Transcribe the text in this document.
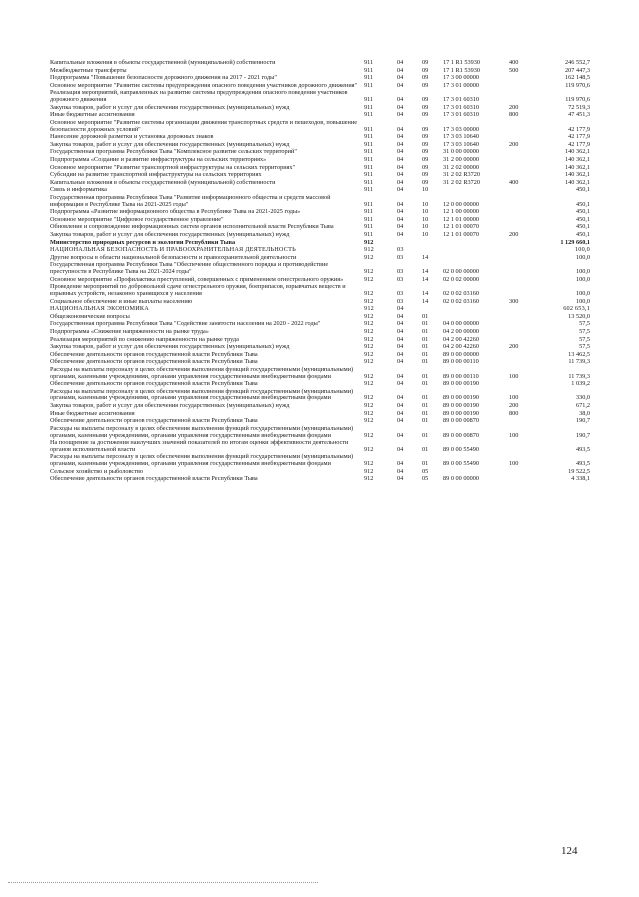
Капитальные вложения в объекты государственной (муниципальной) собственности	911	04	09	17 1 R1 53930	400	246 552,7
Межбюджетные трансферты	911	04	09	17 1 R1 53930	500	207 447,3
Подпрограмма "Повышение безопасности дорожного движения на 2017 - 2021 годы"	911	04	09	17 3 00 00000	162 148,5
Основное мероприятие "Развитие системы предупреждения опасного поведения участников дорожного движения"	911	04	09	17 3 01 00000	119 970,6
Реализация мероприятий, направленных на развитие системы предупреждения опасного поведения участников дорожного движения	911	04	09	17 3 01 60310	119 970,6
Закупка товаров, работ и услуг для обеспечения государственных (муниципальных) нужд	911	04	09	17 3 01 60310	200	72 519,3
Иные бюджетные ассигнования	911	04	09	17 3 01 60310	800	47 451,3
Основное мероприятие "Развитие системы организации движения транспортных средств и пешеходов, повышение безопасности дорожных условий"	911	04	09	17 3 03 00000	42 177,9
Нанесение дорожной разметки и установка дорожных знаков	911	04	09	17 3 03 10640	42 177,9
Закупка товаров, работ и услуг для обеспечения государственных (муниципальных) нужд	911	04	09	17 3 03 10640	200	42 177,9
Государственная программа Республики Тыва "Комплексное развитие сельских территорий"	911	04	09	31 0 00 00000	140 362,1
Подпрограмма «Создание и развитие инфраструктуры на сельских территориях»	911	04	09	31 2 00 00000	140 362,1
Основное мероприятие "Развитие транспортной инфраструктуры на сельских территориях"	911	04	09	31 2 02 00000	140 362,1
Субсидии на развитие транспортной инфраструктуры на сельских территориях	911	04	09	31 2 02 R3720	140 362,1
Капитальные вложения в объекты государственной (муниципальной) собственности	911	04	09	31 2 02 R3720	400	140 362,1
Связь и информатика	911	04	10	450,1
Государственная программа Республики Тыва "Развитие информационного общества и средств массовой информации в Республике Тыва на 2021-2025 годы"	911	04	10	12 0 00 00000	450,1
Подпрограмма «Развитие информационного общества в Республике Тыва на 2021-2025 годы»	911	04	10	12 1 00 00000	450,1
Основное мероприятие "Цифровое государственное управление"	911	04	10	12 1 01 00000	450,1
Обновление и сопровождение информационных систем органов исполнительной власти Республики Тыва	911	04	10	12 1 01 00070	450,1
Закупка товаров, работ и услуг для обеспечения государственных (муниципальных) нужд	911	04	10	12 1 01 00070	200	450,1
Министерство природных ресурсов и экологии Республики Тыва	912	1 129 660,1
НАЦИОНАЛЬНАЯ БЕЗОПАСНОСТЬ И ПРАВООХРАНИТЕЛЬНАЯ ДЕЯТЕЛЬНОСТЬ	912	03	100,0
Другие вопросы в области национальной безопасности и правоохранительной деятельности	912	03	14	100,0
Государственная программа Республики Тыва "Обеспечение общественного порядка и противодействие преступности в Республике Тыва на 2021-2024 годы"	912	03	14	02 0 00 00000	100,0
Основное мероприятие «Профилактика преступлений, совершенных с применением огнестрельного оружия»	912	03	14	02 0 02 00000	100,0
Проведение мероприятий по добровольной сдаче огнестрельного оружия, боеприпасов, взрывчатых веществ и взрывных устройств, незаконно хранящихся у населения	912	03	14	02 0 02 03160	100,0
Социальное обеспечение и иные выплаты населению	912	03	14	02 0 02 03160	300	100,0
НАЦИОНАЛЬНАЯ ЭКОНОМИКА	912	04	602 653,1
Общеэкономические вопросы	912	04	01	13 520,0
Государственная программа Республики Тыва "Содействие занятости населения на 2020 - 2022 годы"	912	04	01	04 0 00 00000	57,5
Подпрограмма «Снижение напряженности на рынке труда»	912	04	01	04 2 00 00000	57,5
Реализация мероприятий по снижению напряженности на рынке труда	912	04	01	04 2 00 42260	57,5
Закупка товаров, работ и услуг для обеспечения государственных (муниципальных) нужд	912	04	01	04 2 00 42260	200	57,5
Обеспечение деятельности органов государственной власти Республики Тыва	912	04	01	89 0 00 00000	13 462,5
Обеспечение деятельности органов государственной власти Республики Тыва	912	04	01	89 0 00 00110	11 739,3
Расходы на выплаты персоналу в целях обеспечения выполнения функций государственными (муниципальными) органами, казенными учреждениями, органами управления государственными внебюджетными фондами	912	04	01	89 0 00 00110	100	11 739,3
Обеспечение деятельности органов государственной власти Республики Тыва	912	04	01	89 0 00 00190	1 039,2
Расходы на выплаты персоналу в целях обеспечения выполнения функций государственными (муниципальными) органами, казенными учреждениями, органами управления государственными внебюджетными фондами	912	04	01	89 0 00 00190	100	330,0
Закупка товаров, работ и услуг для обеспечения государственных (муниципальных) нужд	912	04	01	89 0 00 00190	200	671,2
Иные бюджетные ассигнования	912	04	01	89 0 00 00190	800	38,0
Обеспечение деятельности органов государственной власти Республики Тыва	912	04	01	89 0 00 00870	190,7
Расходы на выплаты персоналу в целях обеспечения выполнения функций государственными (муниципальными) органами, казенными учреждениями, органами управления государственными внебюджетными фондами	912	04	01	89 0 00 00870	100	190,7
На поощрение за достижения наилучших значений показателей по итогам оценки эффективности деятельности органов исполнительной власти	912	04	01	89 0 00 55490	493,5
Расходы на выплаты персоналу в целях обеспечения выполнения функций государственными (муниципальными) органами, казенными учреждениями, органами управления государственными внебюджетными фондами	912	04	01	89 0 00 55490	100	493,5
Сельское хозяйство и рыболовство	912	04	05	19 522,5
Обеспечение деятельности органов государственной власти Республики Тыва	912	04	05	89 0 00 00000	4 338,1
124
